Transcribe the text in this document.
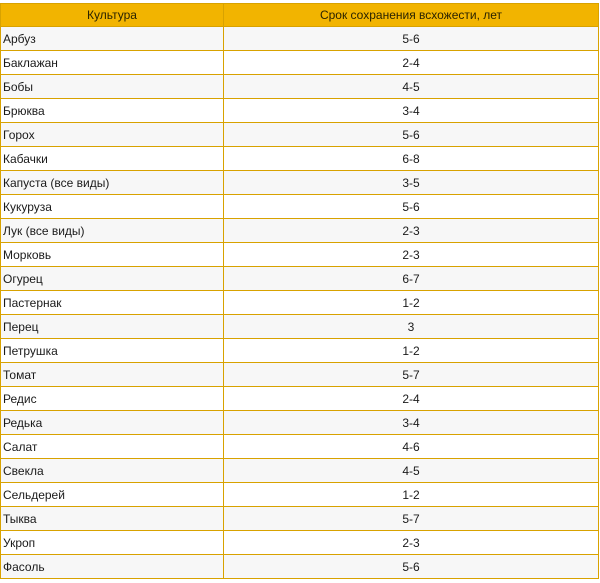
Культура	Срок сохранения всхожести, лет
Арбуз	5-6
Баклажан	2-4
Бобы	4-5
Брюква	3-4
Горох	5-6
Кабачки	6-8
Капуста (все виды)	3-5
Кукуруза	5-6
Лук (все виды)	2-3
Морковь	2-3
Огурец	6-7
Пастернак	1-2
Перец	3
Петрушка	1-2
Томат	5-7
Редис	2-4
Редька	3-4
Салат	4-6
Свекла	4-5
Сельдерей	1-2
Тыква	5-7
Укроп	2-3
Фасоль	5-6
